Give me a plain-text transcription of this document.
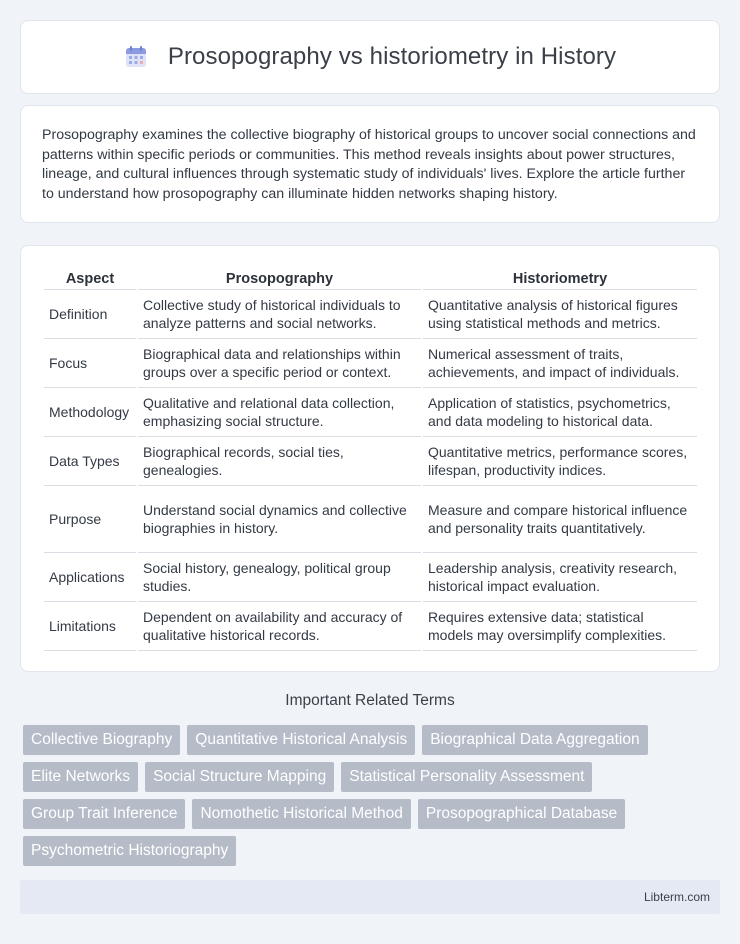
Prosopography vs historiometry in History

Prosopography examines the collective biography of historical groups to uncover social connections and patterns within specific periods or communities. This method reveals insights about power structures, lineage, and cultural influences through systematic study of individuals' lives. Explore the article further to understand how prosopography can illuminate hidden networks shaping history.

Aspect	Prosopography	Historiometry
Definition	Collective study of historical individuals to analyze patterns and social networks.	Quantitative analysis of historical figures using statistical methods and metrics.
Focus	Biographical data and relationships within groups over a specific period or context.	Numerical assessment of traits, achievements, and impact of individuals.
Methodology	Qualitative and relational data collection, emphasizing social structure.	Application of statistics, psychometrics, and data modeling to historical data.
Data Types	Biographical records, social ties, genealogies.	Quantitative metrics, performance scores, lifespan, productivity indices.
Purpose	Understand social dynamics and collective biographies in history.	Measure and compare historical influence and personality traits quantitatively.
Applications	Social history, genealogy, political group studies.	Leadership analysis, creativity research, historical impact evaluation.
Limitations	Dependent on availability and accuracy of qualitative historical records.	Requires extensive data; statistical models may oversimplify complexities.
Important Related Terms
Collective Biography	Quantitative Historical Analysis	Biographical Data Aggregation
Elite Networks	Social Structure Mapping	Statistical Personality Assessment
Group Trait Inference	Nomothetic Historical Method	Prosopographical Database
Psychometric Historiography
Libterm.com
